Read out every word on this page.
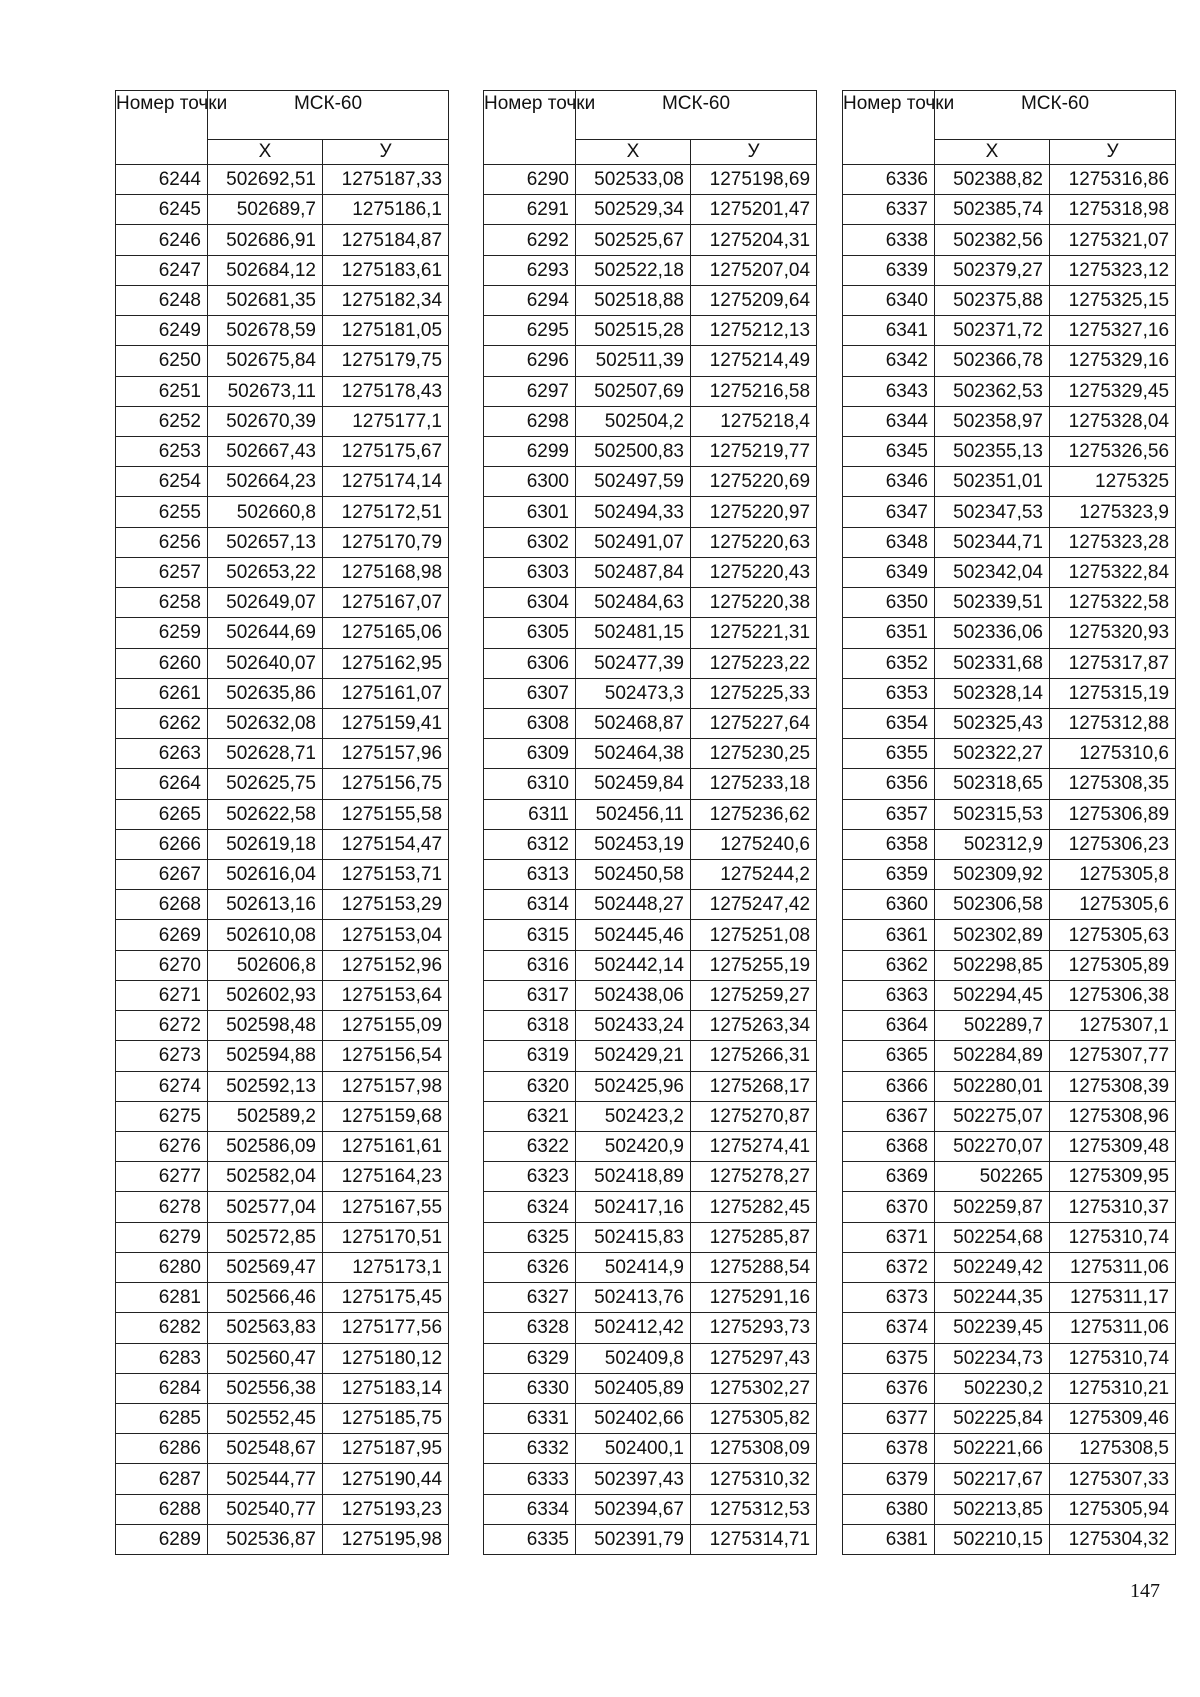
Номер точки	МСК-60	
	X	У
6244	502692,51	1275187,33
6245	502689,7	1275186,1
6246	502686,91	1275184,87
6247	502684,12	1275183,61
6248	502681,35	1275182,34
6249	502678,59	1275181,05
6250	502675,84	1275179,75
6251	502673,11	1275178,43
6252	502670,39	1275177,1
6253	502667,43	1275175,67
6254	502664,23	1275174,14
6255	502660,8	1275172,51
6256	502657,13	1275170,79
6257	502653,22	1275168,98
6258	502649,07	1275167,07
6259	502644,69	1275165,06
6260	502640,07	1275162,95
6261	502635,86	1275161,07
6262	502632,08	1275159,41
6263	502628,71	1275157,96
6264	502625,75	1275156,75
6265	502622,58	1275155,58
6266	502619,18	1275154,47
6267	502616,04	1275153,71
6268	502613,16	1275153,29
6269	502610,08	1275153,04
6270	502606,8	1275152,96
6271	502602,93	1275153,64
6272	502598,48	1275155,09
6273	502594,88	1275156,54
6274	502592,13	1275157,98
6275	502589,2	1275159,68
6276	502586,09	1275161,61
6277	502582,04	1275164,23
6278	502577,04	1275167,55
6279	502572,85	1275170,51
6280	502569,47	1275173,1
6281	502566,46	1275175,45
6282	502563,83	1275177,56
6283	502560,47	1275180,12
6284	502556,38	1275183,14
6285	502552,45	1275185,75
6286	502548,67	1275187,95
6287	502544,77	1275190,44
6288	502540,77	1275193,23
6289	502536,87	1275195,98
Номер точки	МСК-60	
	X	У
6290	502533,08	1275198,69
6291	502529,34	1275201,47
6292	502525,67	1275204,31
6293	502522,18	1275207,04
6294	502518,88	1275209,64
6295	502515,28	1275212,13
6296	502511,39	1275214,49
6297	502507,69	1275216,58
6298	502504,2	1275218,4
6299	502500,83	1275219,77
6300	502497,59	1275220,69
6301	502494,33	1275220,97
6302	502491,07	1275220,63
6303	502487,84	1275220,43
6304	502484,63	1275220,38
6305	502481,15	1275221,31
6306	502477,39	1275223,22
6307	502473,3	1275225,33
6308	502468,87	1275227,64
6309	502464,38	1275230,25
6310	502459,84	1275233,18
6311	502456,11	1275236,62
6312	502453,19	1275240,6
6313	502450,58	1275244,2
6314	502448,27	1275247,42
6315	502445,46	1275251,08
6316	502442,14	1275255,19
6317	502438,06	1275259,27
6318	502433,24	1275263,34
6319	502429,21	1275266,31
6320	502425,96	1275268,17
6321	502423,2	1275270,87
6322	502420,9	1275274,41
6323	502418,89	1275278,27
6324	502417,16	1275282,45
6325	502415,83	1275285,87
6326	502414,9	1275288,54
6327	502413,76	1275291,16
6328	502412,42	1275293,73
6329	502409,8	1275297,43
6330	502405,89	1275302,27
6331	502402,66	1275305,82
6332	502400,1	1275308,09
6333	502397,43	1275310,32
6334	502394,67	1275312,53
6335	502391,79	1275314,71
Номер точки	МСК-60	
	X	У
6336	502388,82	1275316,86
6337	502385,74	1275318,98
6338	502382,56	1275321,07
6339	502379,27	1275323,12
6340	502375,88	1275325,15
6341	502371,72	1275327,16
6342	502366,78	1275329,16
6343	502362,53	1275329,45
6344	502358,97	1275328,04
6345	502355,13	1275326,56
6346	502351,01	1275325
6347	502347,53	1275323,9
6348	502344,71	1275323,28
6349	502342,04	1275322,84
6350	502339,51	1275322,58
6351	502336,06	1275320,93
6352	502331,68	1275317,87
6353	502328,14	1275315,19
6354	502325,43	1275312,88
6355	502322,27	1275310,6
6356	502318,65	1275308,35
6357	502315,53	1275306,89
6358	502312,9	1275306,23
6359	502309,92	1275305,8
6360	502306,58	1275305,6
6361	502302,89	1275305,63
6362	502298,85	1275305,89
6363	502294,45	1275306,38
6364	502289,7	1275307,1
6365	502284,89	1275307,77
6366	502280,01	1275308,39
6367	502275,07	1275308,96
6368	502270,07	1275309,48
6369	502265	1275309,95
6370	502259,87	1275310,37
6371	502254,68	1275310,74
6372	502249,42	1275311,06
6373	502244,35	1275311,17
6374	502239,45	1275311,06
6375	502234,73	1275310,74
6376	502230,2	1275310,21
6377	502225,84	1275309,46
6378	502221,66	1275308,5
6379	502217,67	1275307,33
6380	502213,85	1275305,94
6381	502210,15	1275304,32
147
